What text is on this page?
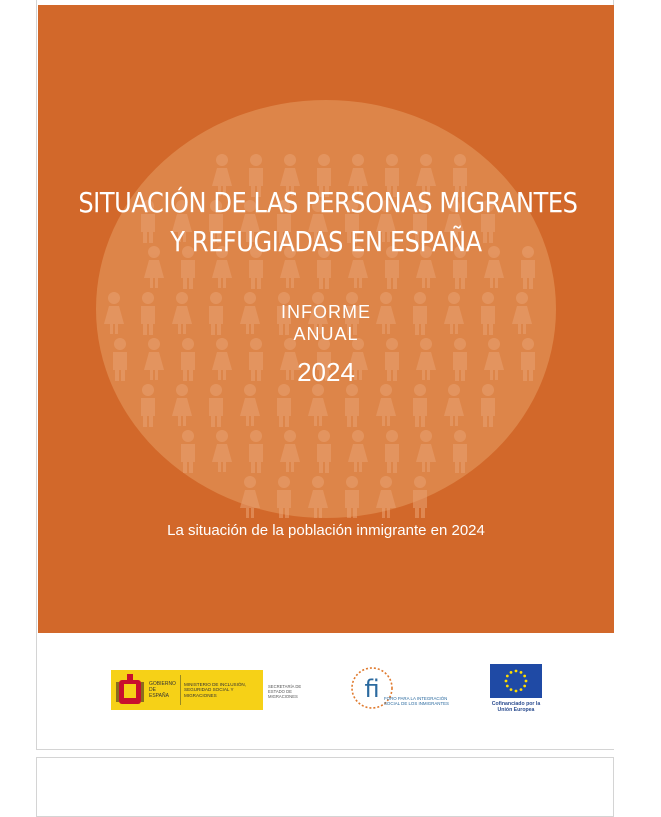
SITUACIÓN DE LAS PERSONAS MIGRANTES
Y REFUGIADAS EN ESPAÑA
INFORME
ANUAL
2024
La situación de la población inmigrante en 2024
GOBIERNO DE ESPAÑA
MINISTERIO DE INCLUSIÓN, SEGURIDAD SOCIAL Y MIGRACIONES
SECRETARÍA DE ESTADO DE MIGRACIONES	fi FORO PARA LA INTEGRACIÓN SOCIAL DE LOS INMIGRANTES	Cofinanciado por la Unión Europea
